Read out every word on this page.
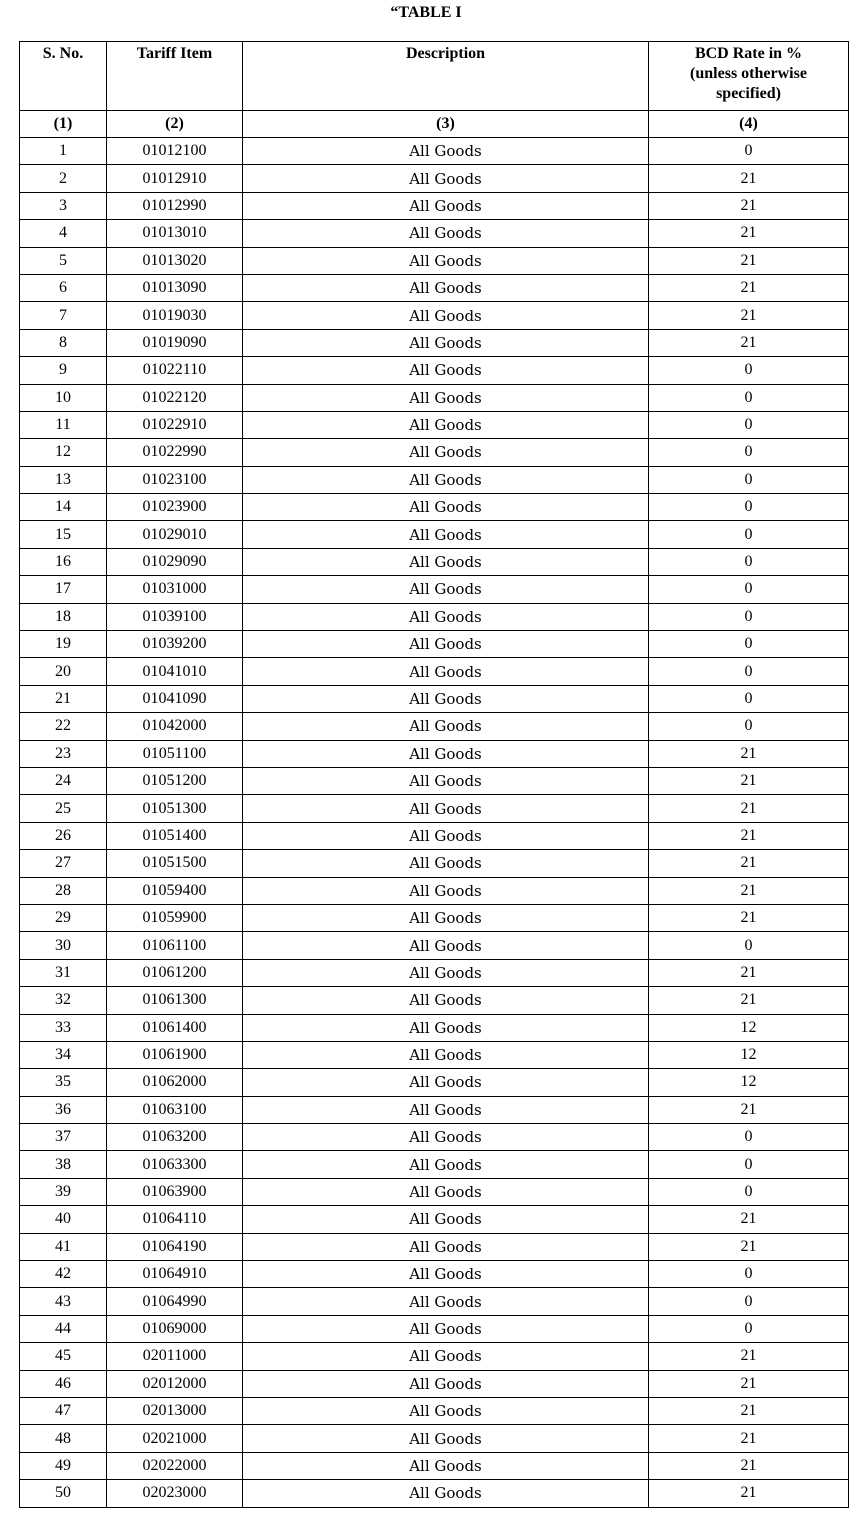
“TABLE I
S. No.	Tariff Item	Description	BCD Rate in %
(unless otherwise
specified)
(1)	(2)	(3)	(4)
1	01012100	All Goods	0
2	01012910	All Goods	21
3	01012990	All Goods	21
4	01013010	All Goods	21
5	01013020	All Goods	21
6	01013090	All Goods	21
7	01019030	All Goods	21
8	01019090	All Goods	21
9	01022110	All Goods	0
10	01022120	All Goods	0
11	01022910	All Goods	0
12	01022990	All Goods	0
13	01023100	All Goods	0
14	01023900	All Goods	0
15	01029010	All Goods	0
16	01029090	All Goods	0
17	01031000	All Goods	0
18	01039100	All Goods	0
19	01039200	All Goods	0
20	01041010	All Goods	0
21	01041090	All Goods	0
22	01042000	All Goods	0
23	01051100	All Goods	21
24	01051200	All Goods	21
25	01051300	All Goods	21
26	01051400	All Goods	21
27	01051500	All Goods	21
28	01059400	All Goods	21
29	01059900	All Goods	21
30	01061100	All Goods	0
31	01061200	All Goods	21
32	01061300	All Goods	21
33	01061400	All Goods	12
34	01061900	All Goods	12
35	01062000	All Goods	12
36	01063100	All Goods	21
37	01063200	All Goods	0
38	01063300	All Goods	0
39	01063900	All Goods	0
40	01064110	All Goods	21
41	01064190	All Goods	21
42	01064910	All Goods	0
43	01064990	All Goods	0
44	01069000	All Goods	0
45	02011000	All Goods	21
46	02012000	All Goods	21
47	02013000	All Goods	21
48	02021000	All Goods	21
49	02022000	All Goods	21
50	02023000	All Goods	21
